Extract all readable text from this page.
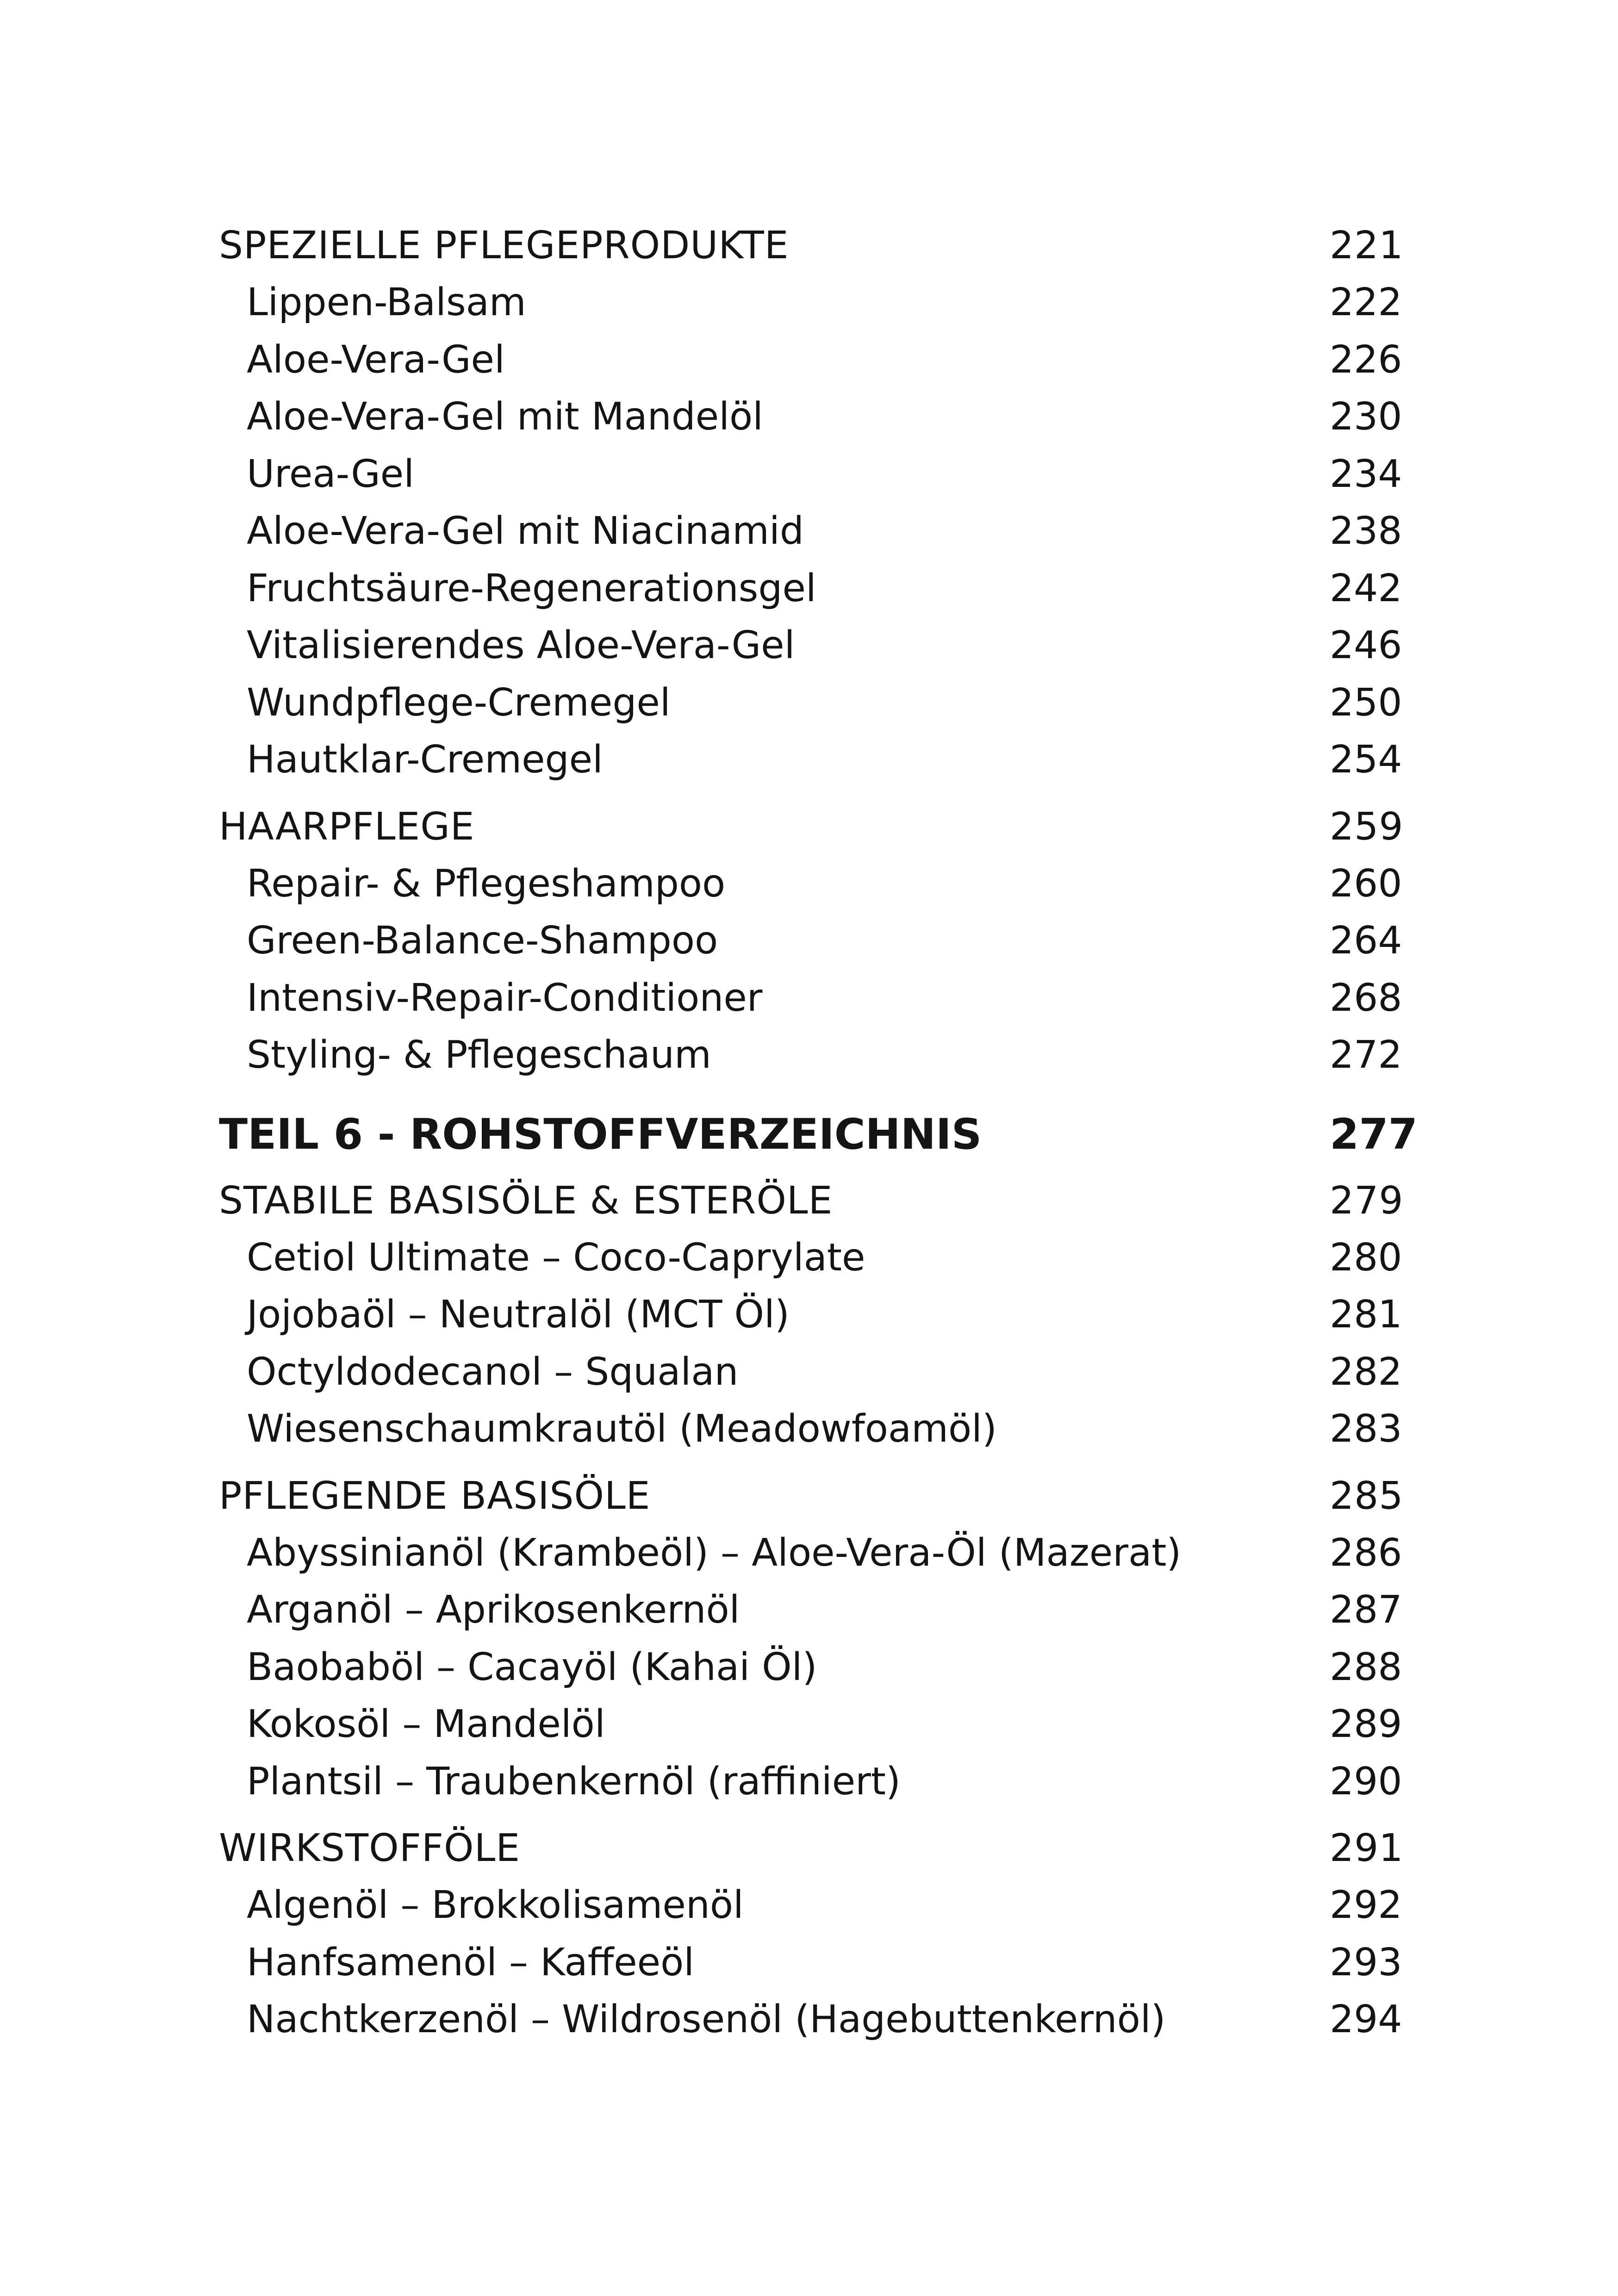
SPEZIELLE PFLEGEPRODUKTE	221
Lippen-Balsam	222
Aloe-Vera-Gel	226
Aloe-Vera-Gel mit Mandelöl	230
Urea-Gel	234
Aloe-Vera-Gel mit Niacinamid	238
Fruchtsäure-Regenerationsgel	242
Vitalisierendes Aloe-Vera-Gel	246
Wundpflege-Cremegel	250
Hautklar-Cremegel	254
HAARPFLEGE	259
Repair- & Pflegeshampoo	260
Green-Balance-Shampoo	264
Intensiv-Repair-Conditioner	268
Styling- & Pflegeschaum	272
TEIL 6 - ROHSTOFFVERZEICHNIS	277
STABILE BASISÖLE & ESTERÖLE	279
Cetiol Ultimate – Coco-Caprylate	280
Jojobaöl – Neutralöl (MCT Öl)	281
Octyldodecanol – Squalan	282
Wiesenschaumkrautöl (Meadowfoamöl)	283
PFLEGENDE BASISÖLE	285
Abyssinianöl (Krambeöl) – Aloe-Vera-Öl (Mazerat)	286
Arganöl – Aprikosenkernöl	287
Baobaböl – Cacayöl (Kahai Öl)	288
Kokosöl – Mandelöl	289
Plantsil – Traubenkernöl (raffiniert)	290
WIRKSTOFFÖLE	291
Algenöl – Brokkolisamenöl	292
Hanfsamenöl – Kaffeeöl	293
Nachtkerzenöl – Wildrosenöl (Hagebuttenkernöl)	294
